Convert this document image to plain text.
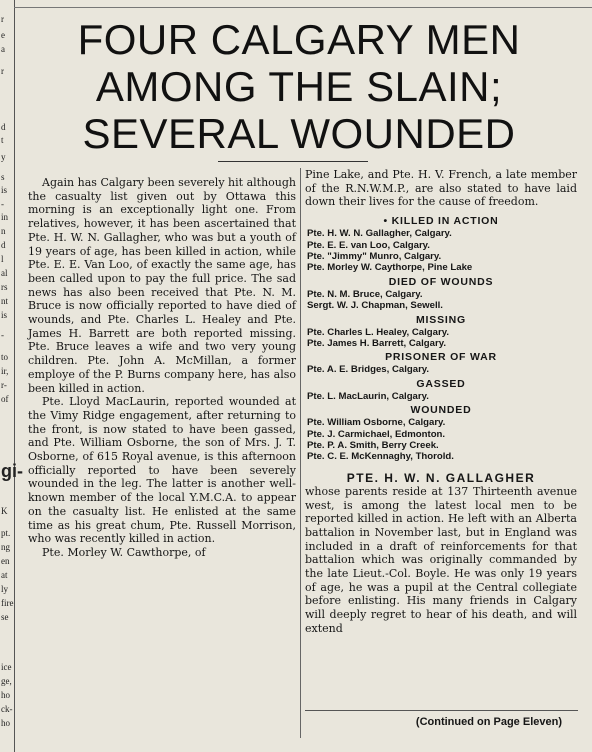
r
e
a
r
d
t
y
s
is
-
in
n
d
l
al
rs
nt
is
-
to
ir,
r-
of
gi-
K
pt.
ng
en
at
ly
fire
se
ice
ge,
ho
ck-
ho
FOUR CALGARY MEN
AMONG THE SLAIN;
SEVERAL WOUNDED

Again has Calgary been severely hit although the casualty list given out by Ottawa this morning is an exceptionally light one. From relatives, however, it has been ascertained that Pte. H. W. N. Gallagher, who was but a youth of 19 years of age, has been killed in action, while Pte. E. E. Van Loo, of exactly the same age, has been called upon to pay the full price. The sad news has also been received that Pte. N. M. Bruce is now officially reported to have died of wounds, and Pte. Charles L. Healey and Pte. James H. Barrett are both reported missing. Pte. Bruce leaves a wife and two very young children. Pte. John A. McMillan, a former employe of the P. Burns company here, has also been killed in action.

Pte. Lloyd MacLaurin, reported wounded at the Vimy Ridge engagement, after returning to the front, is now stated to have been gassed, and Pte. William Osborne, the son of Mrs. J. T. Osborne, of 615 Royal avenue, is this afternoon officially reported to have been severely wounded in the leg. The latter is another well-known member of the local Y.M.C.A. to appear on the casualty list. He enlisted at the same time as his great chum, Pte. Russell Morrison, who was recently killed in action.

Pte. Morley W. Cawthorpe, of

Pine Lake, and Pte. H. V. French, a late member of the R.N.W.M.P., are also stated to have laid down their lives for the cause of freedom.

• KILLED IN ACTION
Pte. H. W. N. Gallagher, Calgary.
Pte. E. E. van Loo, Calgary.
Pte. "Jimmy" Munro, Calgary.
Pte. Morley W. Caythorpe, Pine Lake
DIED OF WOUNDS
Pte. N. M. Bruce, Calgary.
Sergt. W. J. Chapman, Sewell.
MISSING
Pte. Charles L. Healey, Calgary.
Pte. James H. Barrett, Calgary.
PRISONER OF WAR
Pte. A. E. Bridges, Calgary.
GASSED
Pte. L. MacLaurin, Calgary.
WOUNDED
Pte. William Osborne, Calgary.
Pte. J. Carmichael, Edmonton.
Pte. P. A. Smith, Berry Creek.
Pte. C. E. McKennaghy, Thorold.
PTE. H. W. N. GALLAGHER

whose parents reside at 137 Thirteenth avenue west, is among the latest local men to be reported killed in action. He left with an Alberta battalion in November last, but in England was included in a draft of reinforcements for that battalion which was originally commanded by the late Lieut.-Col. Boyle. He was only 19 years of age, he was a pupil at the Central collegiate before enlisting. His many friends in Calgary will deeply regret to hear of his death, and will extend

(Continued on Page Eleven)
